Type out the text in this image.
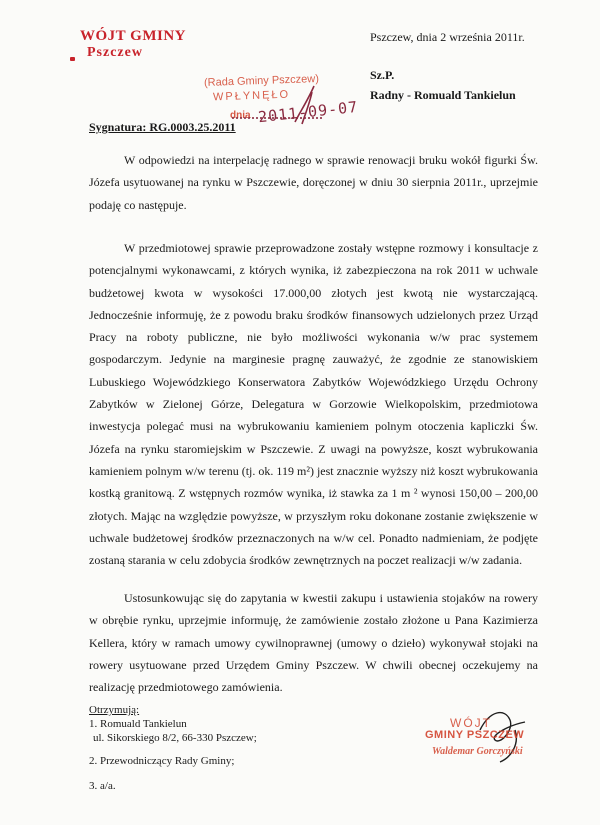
WÓJT GMINY
Pszczew
Pszczew, dnia 2 września 2011r.
Sz.P.
Radny - Romuald Tankielun
(Rada Gminy Pszczew)
WPŁYNĘŁO
dnia 2011-09-07
Sygnatura: RG.0003.25.2011

W odpowiedzi na interpelację radnego w sprawie renowacji bruku wokół figurki Św. Józefa usytuowanej na rynku w Pszczewie, doręczonej w dniu 30 sierpnia 2011r., uprzejmie podaję co następuje.

W przedmiotowej sprawie przeprowadzone zostały wstępne rozmowy i konsultacje z potencjalnymi wykonawcami, z których wynika, iż zabezpieczona na rok 2011 w uchwale budżetowej kwota w wysokości 17.000,00 złotych jest kwotą nie wystarczającą. Jednocześnie informuję, że z powodu braku środków finansowych udzielonych przez Urząd Pracy na roboty publiczne, nie było możliwości wykonania w/w prac systemem gospodarczym. Jedynie na marginesie pragnę zauważyć, że zgodnie ze stanowiskiem Lubuskiego Wojewódzkiego Konserwatora Zabytków Wojewódzkiego Urzędu Ochrony Zabytków w Zielonej Górze, Delegatura w Gorzowie Wielkopolskim, przedmiotowa inwestycja polegać musi na wybrukowaniu kamieniem polnym otoczenia kapliczki Św. Józefa na rynku staromiejskim w Pszczewie. Z uwagi na powyższe, koszt wybrukowania kamieniem polnym w/w terenu (tj. ok. 119 m²) jest znacznie wyższy niż koszt wybrukowania kostką granitową. Z wstępnych rozmów wynika, iż stawka za 1 m ² wynosi 150,00 – 200,00 złotych. Mając na względzie powyższe, w przyszłym roku dokonane zostanie zwiększenie w uchwale budżetowej środków przeznaczonych na w/w cel. Ponadto nadmieniam, że podjęte zostaną starania w celu zdobycia środków zewnętrznych na poczet realizacji w/w zadania.

Ustosunkowując się do zapytania w kwestii zakupu i ustawienia stojaków na rowery w obrębie rynku, uprzejmie informuję, że zamówienie zostało złożone u Pana Kazimierza Kellera, który w ramach umowy cywilnoprawnej (umowy o dzieło) wykonywał stojaki na rowery usytuowane przed Urzędem Gminy Pszczew. W chwili obecnej oczekujemy na realizację przedmiotowego zamówienia.

Otrzymują:
1. Romuald Tankielun
ul. Sikorskiego 8/2, 66-330 Pszczew;
2. Przewodniczący Rady Gminy;
3. a/a.
WÓJT
GMINY PSZCZEW
Waldemar Gorczyński
